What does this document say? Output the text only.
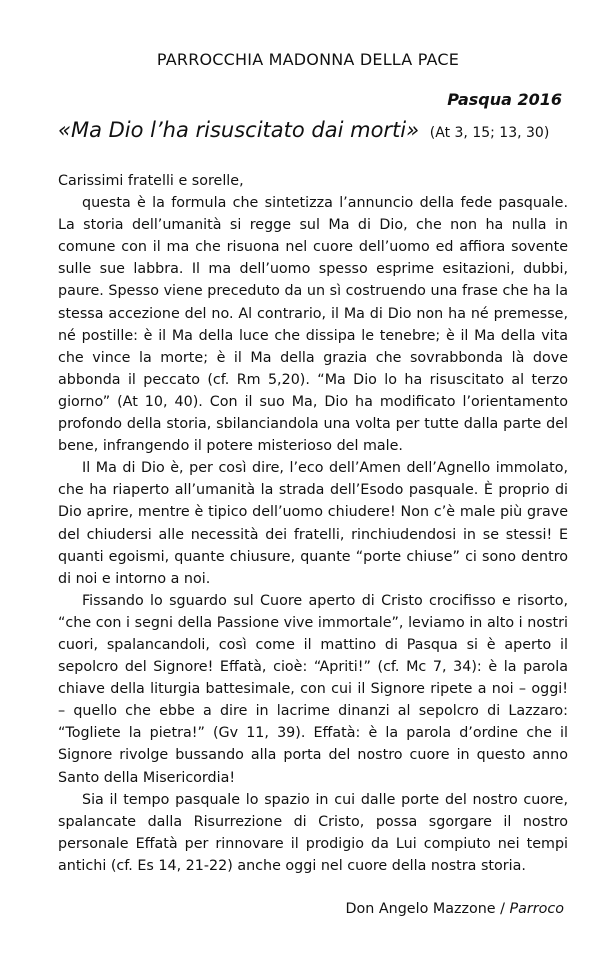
PARROCCHIA MADONNA DELLA PACE
Pasqua 2016
«Ma Dio l’ha risuscitato dai morti» (At 3, 15; 13, 30)

Carissimi fratelli e sorelle,

questa è la formula che sintetizza l’annuncio della fede pasquale. La storia dell’umanità si regge sul Ma di Dio, che non ha nulla in comune con il ma che risuona nel cuore dell’uomo ed affiora sovente sulle sue labbra. Il ma dell’uomo spesso esprime esitazioni, dubbi, paure. Spesso viene preceduto da un sì costruendo una frase che ha la stessa accezione del no. Al contrario, il Ma di Dio non ha né premesse, né postille: è il Ma della luce che dissipa le tenebre; è il Ma della vita che vince la morte; è il Ma della grazia che sovrabbonda là dove abbonda il peccato (cf. Rm 5,20). “Ma Dio lo ha risuscitato al terzo giorno” (At 10, 40). Con il suo Ma, Dio ha modificato l’orientamento profondo della storia, sbilanciandola una volta per tutte dalla parte del bene, infrangendo il potere misterioso del male.

Il Ma di Dio è, per così dire, l’eco dell’Amen dell’Agnello immolato, che ha riaperto all’umanità la strada dell’Esodo pasquale. È proprio di Dio aprire, mentre è tipico dell’uomo chiudere! Non c’è male più grave del chiudersi alle necessità dei fratelli, rinchiudendosi in se stessi! E quanti egoismi, quante chiusure, quante “porte chiuse” ci sono dentro di noi e intorno a noi.

Fissando lo sguardo sul Cuore aperto di Cristo crocifisso e risorto, “che con i segni della Passione vive immortale”, leviamo in alto i nostri cuori, spalancandoli, così come il mattino di Pasqua si è aperto il sepolcro del Signore! Effatà, cioè: “Apriti!” (cf. Mc 7, 34): è la parola chiave della liturgia battesimale, con cui il Signore ripete a noi – oggi! – quello che ebbe a dire in lacrime dinanzi al sepolcro di Lazzaro: “Togliete la pietra!” (Gv 11, 39). Effatà: è la parola d’ordine che il Signore rivolge bussando alla porta del nostro cuore in questo anno Santo della Misericordia!

Sia il tempo pasquale lo spazio in cui dalle porte del nostro cuore, spalancate dalla Risurrezione di Cristo, possa sgorgare il nostro personale Effatà per rinnovare il prodigio da Lui compiuto nei tempi antichi (cf. Es 14, 21-22) anche oggi nel cuore della nostra storia.

Don Angelo Mazzone / Parroco
